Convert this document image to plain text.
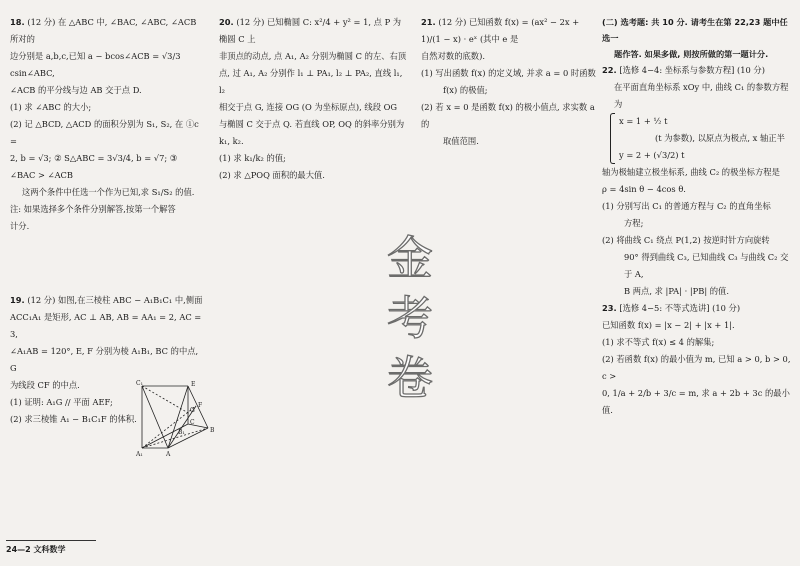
18. (12 分) 在 △ABC 中, ∠BAC, ∠ABC, ∠ACB 所对的

边分别是 a,b,c,已知 a − bcos∠ACB = √3/3 csin∠ABC,

∠ACB 的平分线与边 AB 交于点 D.

(1) 求 ∠ABC 的大小;

(2) 记 △BCD, △ACD 的面积分别为 S₁, S₂, 在 ①c =

2, b = √3; ② S△ABC = 3√3/4, b = √7; ③ ∠BAC > ∠ACB

这两个条件中任选一个作为已知,求 S₁/S₂ 的值.

注: 如果选择多个条件分别解答,按第一个解答

计分.

19. (12 分) 如图,在三棱柱 ABC − A₁B₁C₁ 中,侧面

ACC₁A₁ 是矩形, AC ⊥ AB, AB = AA₁ = 2, AC = 3,

∠A₁AB = 120°, E, F 分别为棱 A₁B₁, BC 的中点, G

为线段 CF 的中点.

(1) 证明: A₁G // 平面 AEF;

(2) 求三棱锥 A₁ − B₁C₁F 的体积.

C₁	E
G
F
B₁
C
A₁	A
B

20. (12 分) 已知椭圆 C: x²/4 + y² = 1, 点 P 为椭圆 C 上

非顶点的动点, 点 A₁, A₂ 分别为椭圆 C 的左、右顶

点, 过 A₁, A₂ 分别作 l₁ ⊥ PA₁, l₂ ⊥ PA₂, 直线 l₁, l₂

相交于点 G, 连接 OG (O 为坐标原点), 线段 OG

与椭圆 C 交于点 Q. 若直线 OP, OQ 的斜率分别为

k₁, k₂.

(1) 求 k₁/k₂ 的值;

(2) 求 △POQ 面积的最大值.

金
考
卷

21. (12 分) 已知函数 f(x) = (ax² − 2x + 1)/(1 − x) · eˣ (其中 e 是

自然对数的底数).

(1) 写出函数 f(x) 的定义域, 并求 a = 0 时函数

f(x) 的极值;

(2) 若 x = 0 是函数 f(x) 的极小值点, 求实数 a 的

取值范围.

(二) 选考题: 共 10 分. 请考生在第 22,23 题中任选一

题作答. 如果多做, 则按所做的第一题计分.

22. [选修 4−4: 坐标系与参数方程] (10 分)

在平面直角坐标系 xOy 中, 曲线 C₁ 的参数方程为

x = 1 + ½ t

(t 为参数), 以原点为极点, x 轴正半

y = 2 + (√3/2) t

轴为极轴建立极坐标系, 曲线 C₂ 的极坐标方程是

ρ = 4sin θ − 4cos θ.

(1) 分别写出 C₁ 的普通方程与 C₂ 的直角坐标

方程;

(2) 将曲线 C₁ 绕点 P(1,2) 按逆时针方向旋转

90° 得到曲线 C₃, 已知曲线 C₃ 与曲线 C₂ 交于 A,

B 两点, 求 |PA| · |PB| 的值.

23. [选修 4−5: 不等式选讲] (10 分)

已知函数 f(x) = |x − 2| + |x + 1|.

(1) 求不等式 f(x) ≤ 4 的解集;

(2) 若函数 f(x) 的最小值为 m, 已知 a > 0, b > 0, c >

0, 1/a + 2/b + 3/c = m, 求 a + 2b + 3c 的最小值.

24—2 文科数学
